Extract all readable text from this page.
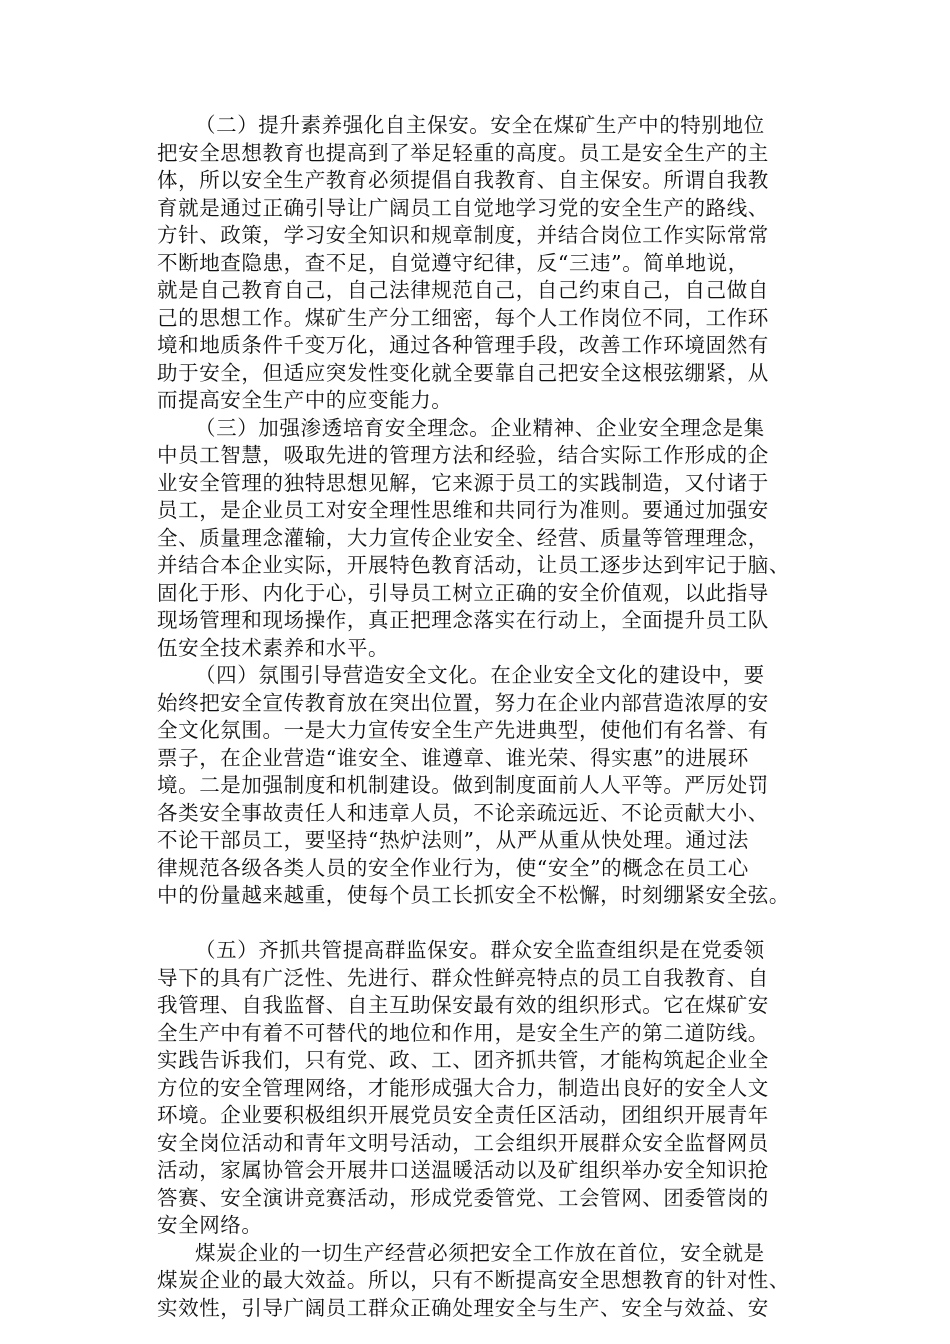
（二）提升素养强化自主保安。安全在煤矿生产中的特别地位
把安全思想教育也提高到了举足轻重的高度。员工是安全生产的主
体，所以安全生产教育必须提倡自我教育、自主保安。所谓自我教
育就是通过正确引导让广阔员工自觉地学习党的安全生产的路线、
方针、政策，学习安全知识和规章制度，并结合岗位工作实际常常
不断地查隐患，查不足，自觉遵守纪律，反“三违”。简单地说，
就是自己教育自己，自己法律规范自己，自己约束自己，自己做自
己的思想工作。煤矿生产分工细密，每个人工作岗位不同，工作环
境和地质条件千变万化，通过各种管理手段，改善工作环境固然有
助于安全，但适应突发性变化就全要靠自己把安全这根弦绷紧，从
而提高安全生产中的应变能力。
（三）加强渗透培育安全理念。企业精神、企业安全理念是集
中员工智慧，吸取先进的管理方法和经验，结合实际工作形成的企
业安全管理的独特思想见解，它来源于员工的实践制造，又付诸于
员工，是企业员工对安全理性思维和共同行为准则。要通过加强安
全、质量理念灌输，大力宣传企业安全、经营、质量等管理理念，
并结合本企业实际，开展特色教育活动，让员工逐步达到牢记于脑、
固化于形、内化于心，引导员工树立正确的安全价值观，以此指导
现场管理和现场操作，真正把理念落实在行动上，全面提升员工队
伍安全技术素养和水平。
（四）氛围引导营造安全文化。在企业安全文化的建设中，要
始终把安全宣传教育放在突出位置，努力在企业内部营造浓厚的安
全文化氛围。一是大力宣传安全生产先进典型，使他们有名誉、有
票子，在企业营造“谁安全、谁遵章、谁光荣、得实惠”的进展环
境。二是加强制度和机制建设。做到制度面前人人平等。严厉处罚
各类安全事故责任人和违章人员，不论亲疏远近、不论贡献大小、
不论干部员工，要坚持“热炉法则”，从严从重从快处理。通过法
律规范各级各类人员的安全作业行为，使“安全”的概念在员工心
中的份量越来越重，使每个员工长抓安全不松懈，时刻绷紧安全弦。
（五）齐抓共管提高群监保安。群众安全监查组织是在党委领
导下的具有广泛性、先进行、群众性鲜亮特点的员工自我教育、自
我管理、自我监督、自主互助保安最有效的组织形式。它在煤矿安
全生产中有着不可替代的地位和作用，是安全生产的第二道防线。
实践告诉我们，只有党、政、工、团齐抓共管，才能构筑起企业全
方位的安全管理网络，才能形成强大合力，制造出良好的安全人文
环境。企业要积极组织开展党员安全责任区活动，团组织开展青年
安全岗位活动和青年文明号活动，工会组织开展群众安全监督网员
活动，家属协管会开展井口送温暖活动以及矿组织举办安全知识抢
答赛、安全演讲竞赛活动，形成党委管党、工会管网、团委管岗的
安全网络。
煤炭企业的一切生产经营必须把安全工作放在首位，安全就是
煤炭企业的最大效益。所以，只有不断提高安全思想教育的针对性、
实效性，引导广阔员工群众正确处理安全与生产、安全与效益、安
